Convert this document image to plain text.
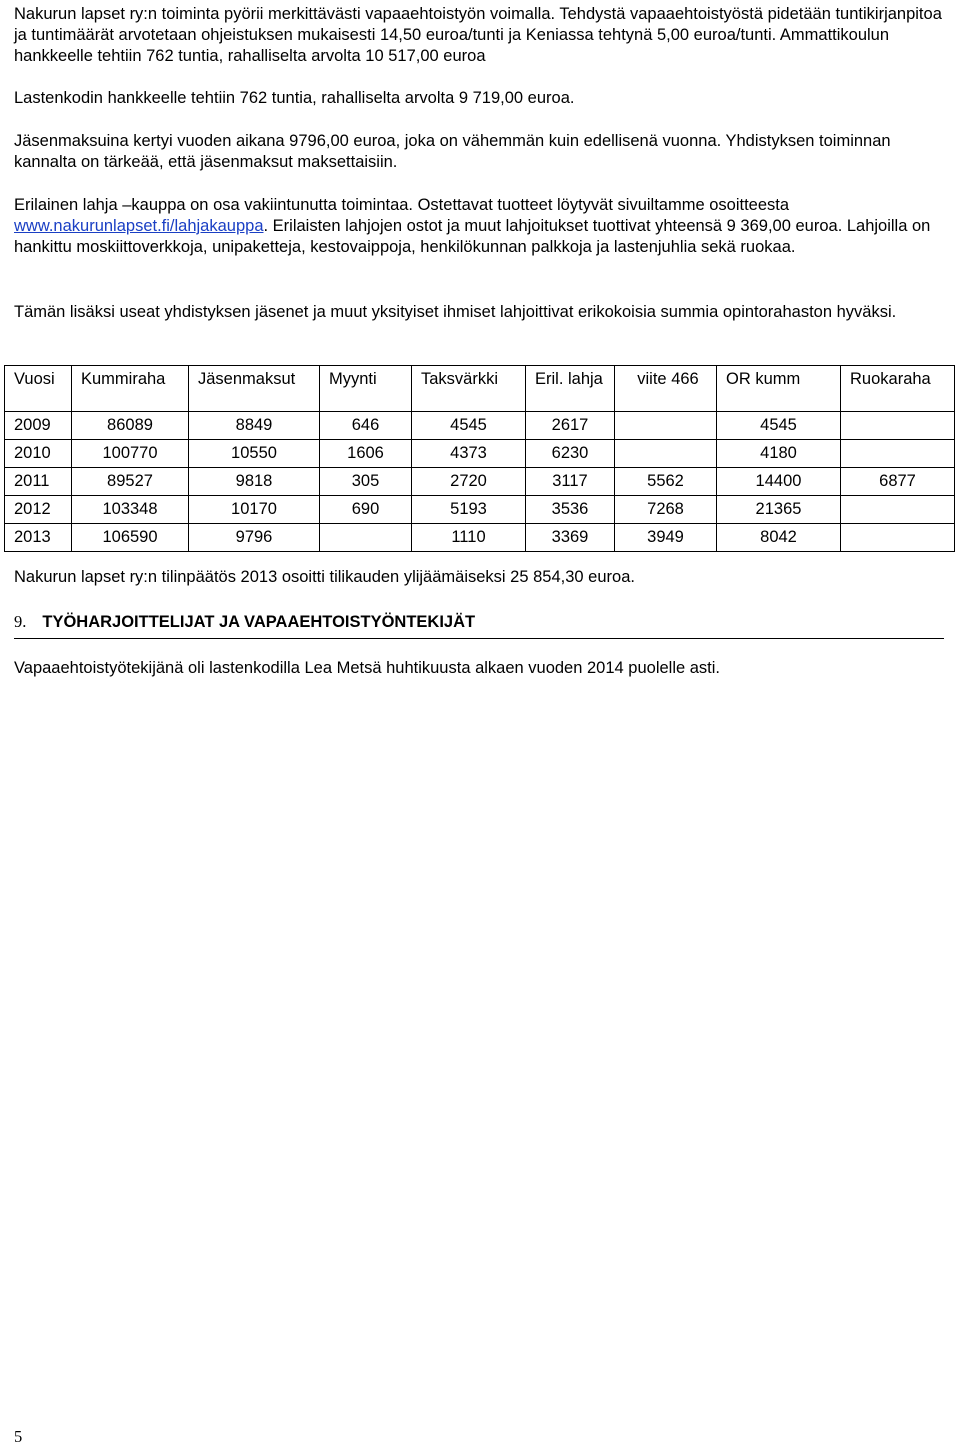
Nakurun lapset ry:n toiminta pyörii merkittävästi vapaaehtoistyön voimalla. Tehdystä vapaaehtoistyöstä pidetään tuntikirjanpitoa ja tuntimäärät arvotetaan ohjeistuksen mukaisesti 14,50 euroa/tunti ja Keniassa tehtynä 5,00 euroa/tunti. Ammattikoulun hankkeelle tehtiin 762 tuntia, rahalliselta arvolta 10 517,00 euroa

Lastenkodin hankkeelle tehtiin 762 tuntia, rahalliselta arvolta 9 719,00 euroa.

Jäsenmaksuina kertyi vuoden aikana 9796,00 euroa, joka on vähemmän kuin edellisenä vuonna. Yhdistyksen toiminnan kannalta on tärkeää, että jäsenmaksut maksettaisiin.

Erilainen lahja –kauppa on osa vakiintunutta toimintaa. Ostettavat tuotteet löytyvät sivuiltamme osoitteesta www.nakurunlapset.fi/lahjakauppa. Erilaisten lahjojen ostot ja muut lahjoitukset tuottivat yhteensä 9 369,00 euroa. Lahjoilla on hankittu moskiittoverkkoja, unipaketteja, kestovaippoja, henkilökunnan palkkoja ja lastenjuhlia sekä ruokaa.

Tämän lisäksi useat yhdistyksen jäsenet ja muut yksityiset ihmiset lahjoittivat erikokoisia summia opintorahaston hyväksi.

Vuosi	Kummiraha	Jäsenmaksut	Myynti	Taksvärkki	Eril. lahja	viite 466	OR kumm	Ruokaraha
2009	86089	8849	646	4545	2617		4545	
2010	100770	10550	1606	4373	6230		4180	
2011	89527	9818	305	2720	3117	5562	14400	6877
2012	103348	10170	690	5193	3536	7268	21365	
2013	106590	9796		1110	3369	3949	8042	

Nakurun lapset ry:n tilinpäätös 2013 osoitti tilikauden ylijäämäiseksi 25 854,30 euroa.

9. TYÖHARJOITTELIJAT JA VAPAAEHTOISTYÖNTEKIJÄT

Vapaaehtoistyötekijänä oli lastenkodilla Lea Metsä huhtikuusta alkaen vuoden 2014 puolelle asti.

5
